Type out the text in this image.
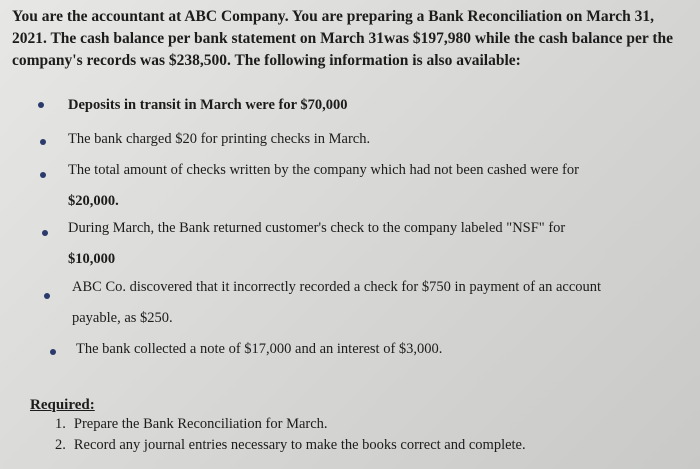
You are the accountant at ABC Company. You are preparing a Bank Reconciliation on March 31, 2021. The cash balance per bank statement on March 31was $197,980 while the cash balance per the company's records was $238,500. The following information is also available:
Deposits in transit in March were for $70,000
The bank charged $20 for printing checks in March.
The total amount of checks written by the company which had not been cashed were for
$20,000.
During March, the Bank returned customer's check to the company labeled "NSF" for
$10,000
ABC Co. discovered that it incorrectly recorded a check for $750 in payment of an account
payable, as $250.
The bank collected a note of $17,000 and an interest of $3,000.
Required:
1. Prepare the Bank Reconciliation for March.
2. Record any journal entries necessary to make the books correct and complete.
